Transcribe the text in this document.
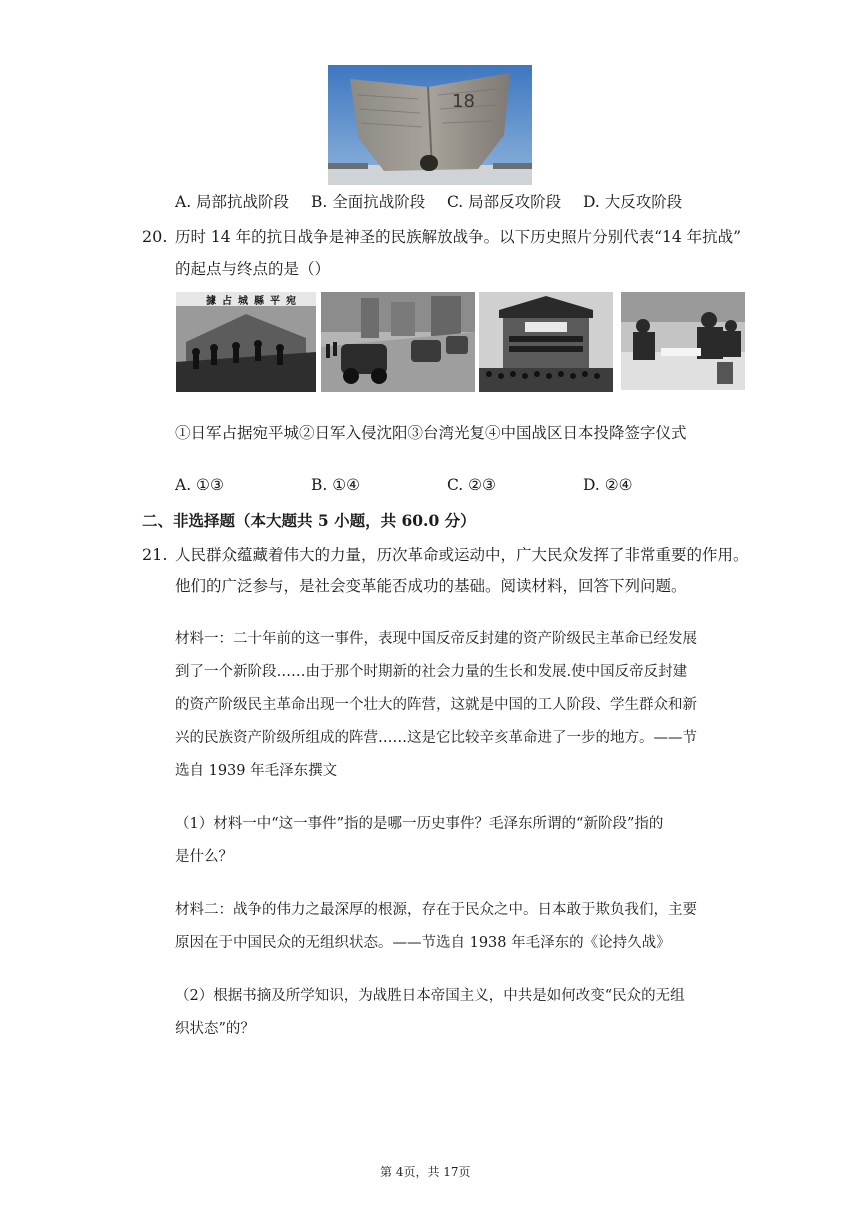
18
A. 局部抗战阶段 B. 全面抗战阶段 C. 局部反攻阶段 D. 大反攻阶段
20. 历时 14 年的抗日战争是神圣的民族解放战争。以下历史照片分别代表“14 年抗战”
的起点与终点的是（）
據占城縣平宛
①日军占据宛平城②日军入侵沈阳③台湾光复④中国战区日本投降签字仪式
A. ①③	B. ①④	C. ②③	D. ②④
二、非选择题（本大题共 5 小题，共 60.0 分）
21. 人民群众蕴藏着伟大的力量，历次革命或运动中，广大民众发挥了非常重要的作用。
他们的广泛参与，是社会变革能否成功的基础。阅读材料，回答下列问题。
材料一：二十年前的这一事件，表现中国反帝反封建的资产阶级民主革命已经发展
到了一个新阶段……由于那个时期新的社会力量的生长和发展.使中国反帝反封建
的资产阶级民主革命出现一个壮大的阵营，这就是中国的工人阶段、学生群众和新
兴的民族资产阶级所组成的阵营……这是它比较辛亥革命进了一步的地方。——节
选自 1939 年毛泽东撰文
（1）材料一中“这一事件”指的是哪一历史事件？毛泽东所谓的“新阶段”指的
是什么？
材料二：战争的伟力之最深厚的根源，存在于民众之中。日本敢于欺负我们，主要
原因在于中国民众的无组织状态。——节选自 1938 年毛泽东的《论持久战》
（2）根据书摘及所学知识，为战胜日本帝国主义，中共是如何改变“民众的无组
织状态”的？
第 4页，共 17页
